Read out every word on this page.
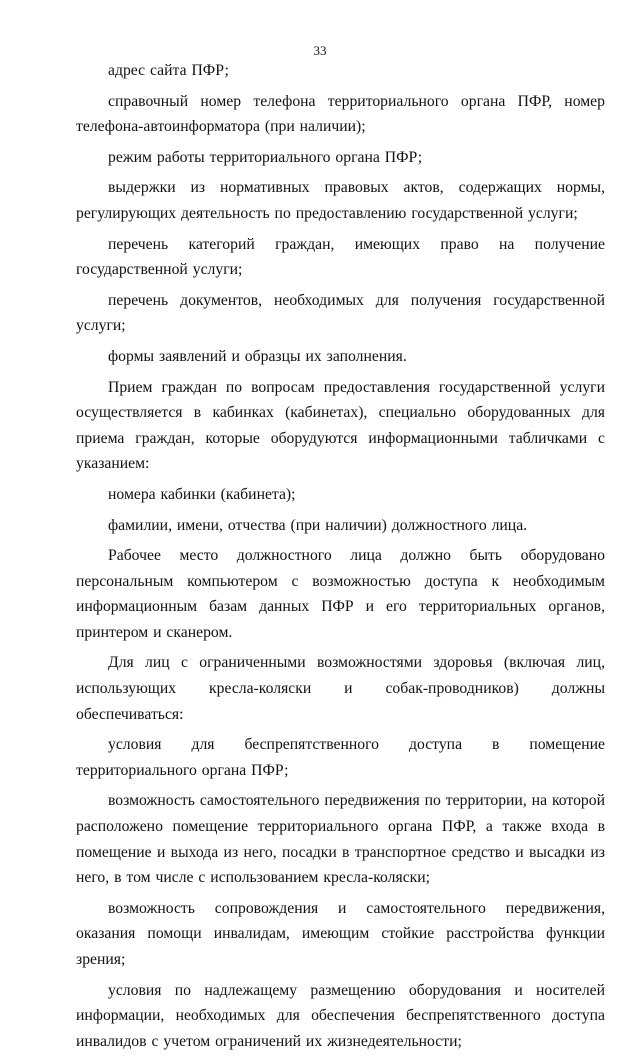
33

адрес сайта ПФР;

справочный номер телефона территориального органа ПФР, номер телефона-автоинформатора (при наличии);

режим работы территориального органа ПФР;

выдержки из нормативных правовых актов, содержащих нормы, регулирующих деятельность по предоставлению государственной услуги;

перечень категорий граждан, имеющих право на получение государственной услуги;

перечень документов, необходимых для получения государственной услуги;

формы заявлений и образцы их заполнения.

Прием граждан по вопросам предоставления государственной услуги осуществляется в кабинках (кабинетах), специально оборудованных для приема граждан, которые оборудуются информационными табличками с указанием:

номера кабинки (кабинета);

фамилии, имени, отчества (при наличии) должностного лица.

Рабочее место должностного лица должно быть оборудовано персональным компьютером с возможностью доступа к необходимым информационным базам данных ПФР и его территориальных органов, принтером и сканером.

Для лиц с ограниченными возможностями здоровья (включая лиц, использующих кресла-коляски и собак-проводников) должны обеспечиваться:

условия для беспрепятственного доступа в помещение территориального органа ПФР;

возможность самостоятельного передвижения по территории, на которой расположено помещение территориального органа ПФР, а также входа в помещение и выхода из него, посадки в транспортное средство и высадки из него, в том числе с использованием кресла-коляски;

возможность сопровождения и самостоятельного передвижения, оказания помощи инвалидам, имеющим стойкие расстройства функции зрения;

условия по надлежащему размещению оборудования и носителей информации, необходимых для обеспечения беспрепятственного доступа инвалидов с учетом ограничений их жизнедеятельности;
